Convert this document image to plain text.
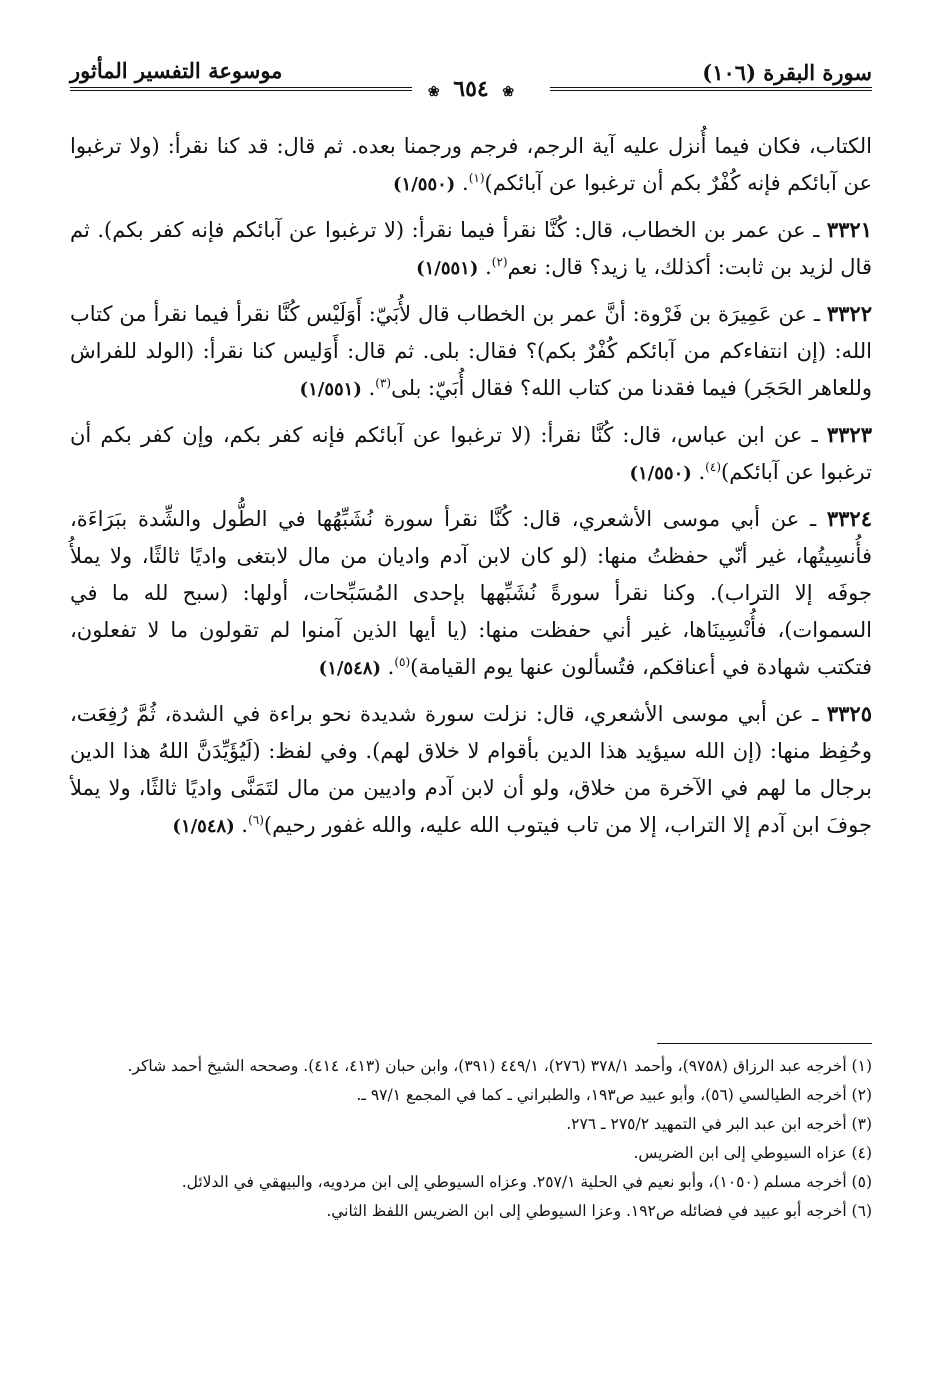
سورة البقرة (١٠٦)
موسوعة التفسير المأثور
❀ ٦٥٤ ❀

الكتاب، فكان فيما أُنزل عليه آية الرجم، فرجم ورجمنا بعده. ثم قال: قد كنا نقرأ: (ولا ترغبوا عن آبائكم فإنه كُفْرٌ بكم أن ترغبوا عن آبائكم)$^{(١)}$. (١/٥٥٠)

٣٣٢١ ـ عن عمر بن الخطاب، قال: كُنَّا نقرأ فيما نقرأ: (لا ترغبوا عن آبائكم فإنه كفر بكم). ثم قال لزيد بن ثابت: أكذلك، يا زيد؟ قال: نعم$^{(٢)}$. (١/٥٥١)

٣٣٢٢ ـ عن عَمِيرَة بن فَرْوة: أنَّ عمر بن الخطاب قال لأُبَيّ: أَوَلَيْس كُنَّا نقرأ فيما نقرأ من كتاب الله: (إن انتفاءكم من آبائكم كُفْرٌ بكم)؟ فقال: بلى. ثم قال: أَوَليس كنا نقرأ: (الولد للفراش وللعاهر الحَجَر) فيما فقدنا من كتاب الله؟ فقال أُبَيّ: بلى$^{(٣)}$. (١/٥٥١)

٣٣٢٣ ـ عن ابن عباس، قال: كُنَّا نقرأ: (لا ترغبوا عن آبائكم فإنه كفر بكم، وإن كفر بكم أن ترغبوا عن آبائكم)$^{(٤)}$. (١/٥٥٠)

٣٣٢٤ ـ عن أبي موسى الأشعري، قال: كُنَّا نقرأ سورة نُشَبِّهُها في الطُّول والشِّدة ببَرَاءَة، فأُنسِيتُها، غير أنّي حفظتُ منها: (لو كان لابن آدم واديان من مال لابتغى واديًا ثالثًا، ولا يملأُ جوفَه إلا التراب). وكنا نقرأ سورةً نُشَبِّهها بإحدى المُسَبِّحات، أولها: (سبح لله ما في السموات)، فأُنْسِينَاها، غير أني حفظت منها: (يا أيها الذين آمنوا لم تقولون ما لا تفعلون، فتكتب شهادة في أعناقكم، فتُسألون عنها يوم القيامة)$^{(٥)}$. (١/٥٤٨)

٣٣٢٥ ـ عن أبي موسى الأشعري، قال: نزلت سورة شديدة نحو براءة في الشدة، ثُمَّ رُفِعَت، وحُفِظ منها: (إن الله سيؤيد هذا الدين بأقوام لا خلاق لهم). وفي لفظ: (لَيُؤَيِّدَنَّ اللهُ هذا الدين برجال ما لهم في الآخرة من خلاق، ولو أن لابن آدم واديين من مال لتَمَنَّى واديًا ثالثًا، ولا يملأ جوفَ ابن آدم إلا التراب، إلا من تاب فيتوب الله عليه، والله غفور رحيم)$^{(٦)}$. (١/٥٤٨)

(١) أخرجه عبد الرزاق (٩٧٥٨)، وأحمد ٣٧٨/١ (٢٧٦)، ٤٤٩/١ (٣٩١)، وابن حبان (٤١٣، ٤١٤). وصححه الشيخ أحمد شاكر.

(٢) أخرجه الطيالسي (٥٦)، وأبو عبيد ص١٩٣، والطبراني ـ كما في المجمع ٩٧/١ ـ.

(٣) أخرجه ابن عبد البر في التمهيد ٢٧٥/٢ ـ ٢٧٦.

(٤) عزاه السيوطي إلى ابن الضريس.

(٥) أخرجه مسلم (١٠٥٠)، وأبو نعيم في الحلية ٢٥٧/١. وعزاه السيوطي إلى ابن مردويه، والبيهقي في الدلائل.

(٦) أخرجه أبو عبيد في فضائله ص١٩٢. وعزا السيوطي إلى ابن الضريس اللفظ الثاني.
